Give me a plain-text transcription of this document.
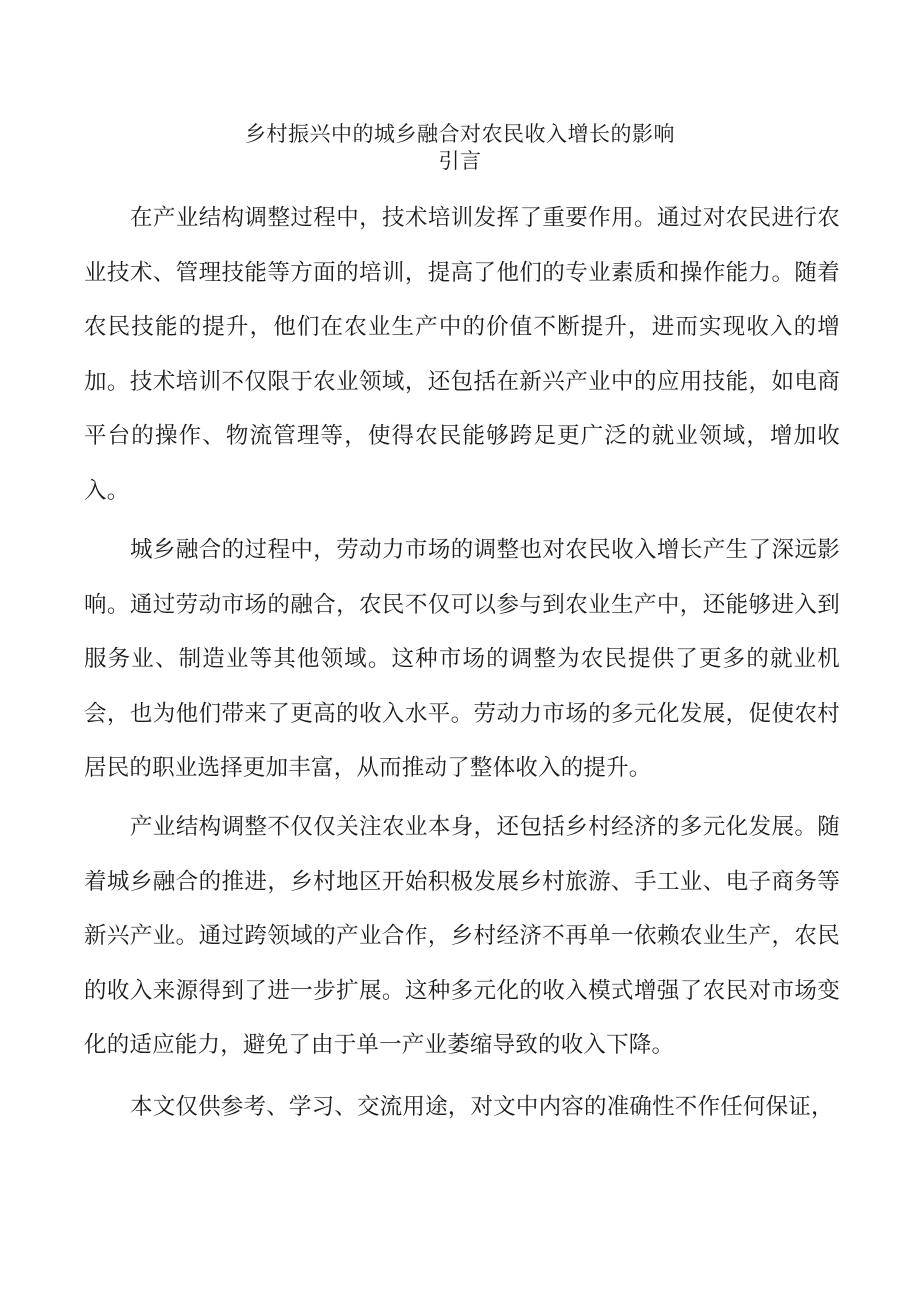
乡村振兴中的城乡融合对农民收入增长的影响
引言

在产业结构调整过程中，技术培训发挥了重要作用。通过对农民进行农业技术、管理技能等方面的培训，提高了他们的专业素质和操作能力。随着农民技能的提升，他们在农业生产中的价值不断提升，进而实现收入的增加。技术培训不仅限于农业领域，还包括在新兴产业中的应用技能，如电商平台的操作、物流管理等，使得农民能够跨足更广泛的就业领域，增加收入。

城乡融合的过程中，劳动力市场的调整也对农民收入增长产生了深远影响。通过劳动市场的融合，农民不仅可以参与到农业生产中，还能够进入到服务业、制造业等其他领域。这种市场的调整为农民提供了更多的就业机会，也为他们带来了更高的收入水平。劳动力市场的多元化发展，促使农村居民的职业选择更加丰富，从而推动了整体收入的提升。

产业结构调整不仅仅关注农业本身，还包括乡村经济的多元化发展。随着城乡融合的推进，乡村地区开始积极发展乡村旅游、手工业、电子商务等新兴产业。通过跨领域的产业合作，乡村经济不再单一依赖农业生产，农民的收入来源得到了进一步扩展。这种多元化的收入模式增强了农民对市场变化的适应能力，避免了由于单一产业萎缩导致的收入下降。

本文仅供参考、学习、交流用途，对文中内容的准确性不作任何保证，
